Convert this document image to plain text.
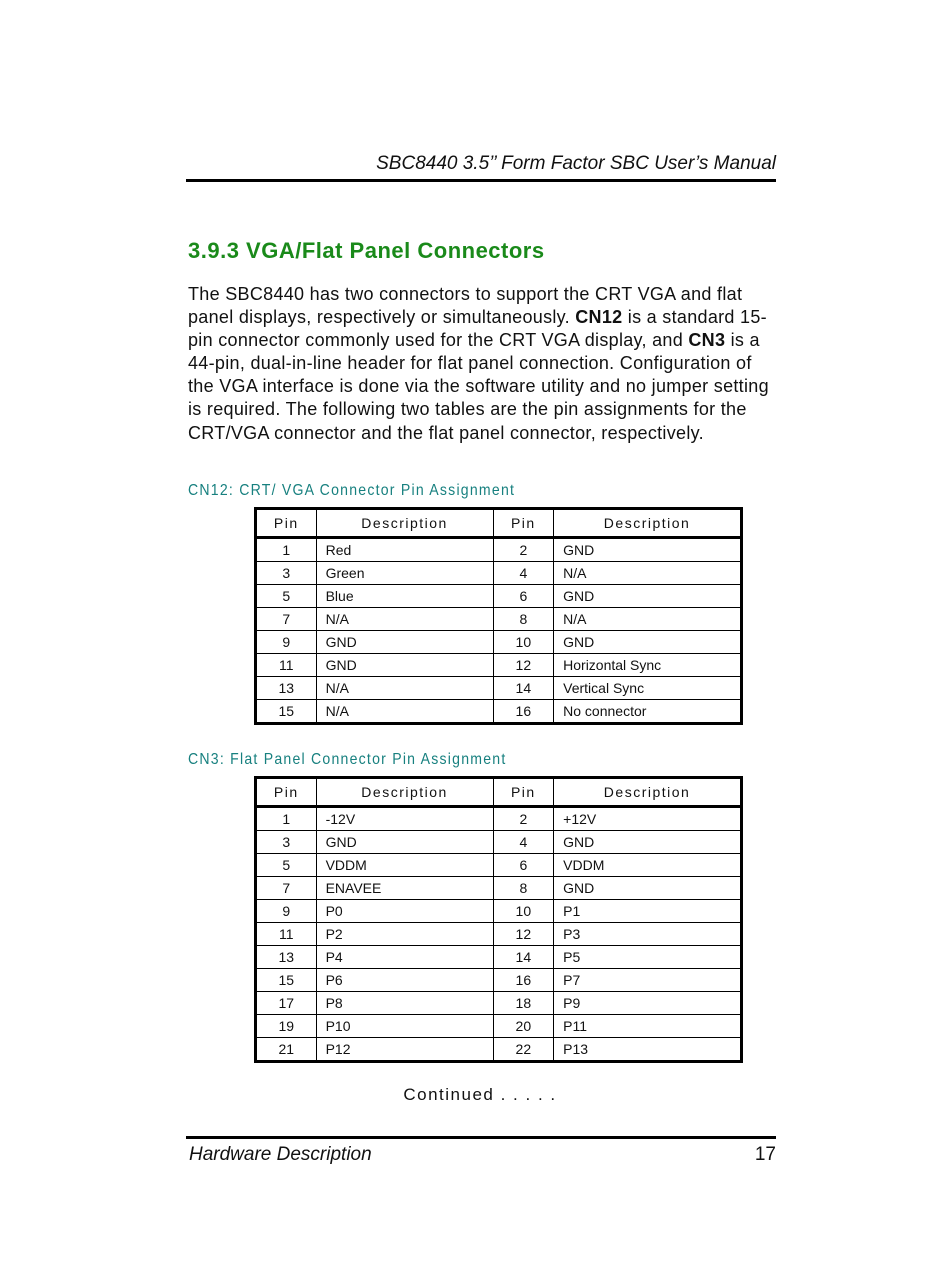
SBC8440 3.5’’ Form Factor SBC User’s Manual
3.9.3 VGA/Flat Panel Connectors

The SBC8440 has two connectors to support the CRT VGA and flat panel displays, respectively or simultaneously. CN12 is a standard 15-pin connector commonly used for the CRT VGA display, and CN3 is a 44-pin, dual-in-line header for flat panel connection. Configuration of the VGA interface is done via the software utility and no jumper setting is required. The following two tables are the pin assignments for the CRT/VGA connector and the flat panel connector, respectively.

CN12: CRT/ VGA Connector Pin Assignment

Pin	Description	Pin	Description
1	Red	2	GND
3	Green	4	N/A
5	Blue	6	GND
7	N/A	8	N/A
9	GND	10	GND
11	GND	12	Horizontal Sync
13	N/A	14	Vertical Sync
15	N/A	16	No connector

CN3: Flat Panel Connector Pin Assignment

Pin	Description	Pin	Description
1	-12V	2	+12V
3	GND	4	GND
5	VDDM	6	VDDM
7	ENAVEE	8	GND
9	P0	10	P1
11	P2	12	P3
13	P4	14	P5
15	P6	16	P7
17	P8	18	P9
19	P10	20	P11
21	P12	22	P13
Continued . . . . .
Hardware Description	17
